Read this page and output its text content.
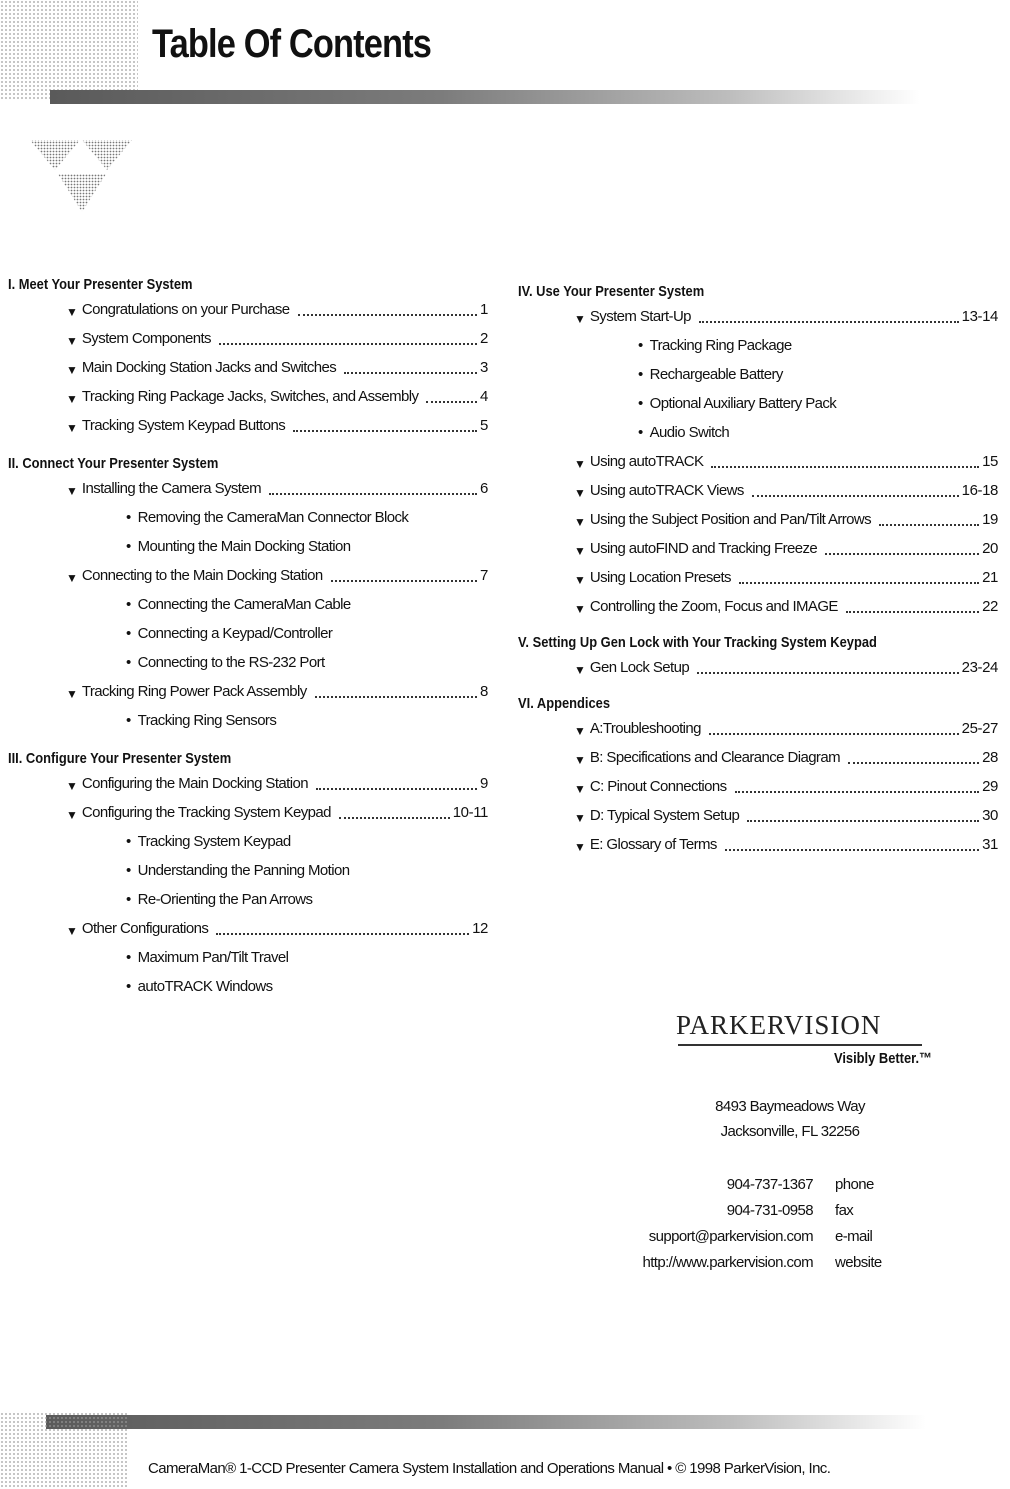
Table Of Contents
I. Meet Your Presenter System
▼ Congratulations on your Purchase	1
▼ System Components	2
▼ Main Docking Station Jacks and Switches	3
▼ Tracking Ring Package Jacks, Switches, and Assembly	4
▼ Tracking System Keypad Buttons	5
II. Connect Your Presenter System
▼ Installing the Camera System	6
• Removing the CameraMan Connector Block
• Mounting the Main Docking Station
▼ Connecting to the Main Docking Station	7
• Connecting the CameraMan Cable
• Connecting a Keypad/Controller
• Connecting to the RS-232 Port
▼ Tracking Ring Power Pack Assembly	8
• Tracking Ring Sensors
III. Configure Your Presenter System
▼ Configuring the Main Docking Station	9
▼ Configuring the Tracking System Keypad	10-11
• Tracking System Keypad
• Understanding the Panning Motion
• Re-Orienting the Pan Arrows
▼ Other Configurations	12
• Maximum Pan/Tilt Travel
• autoTRACK Windows
IV. Use Your Presenter System
▼ System Start-Up	13-14
• Tracking Ring Package
• Rechargeable Battery
• Optional Auxiliary Battery Pack
• Audio Switch
▼ Using autoTRACK	15
▼ Using autoTRACK Views	16-18
▼ Using the Subject Position and Pan/Tilt Arrows	19
▼ Using autoFIND and Tracking Freeze	20
▼ Using Location Presets	21
▼ Controlling the Zoom, Focus and IMAGE	22
V. Setting Up Gen Lock with Your Tracking System Keypad
▼ Gen Lock Setup	23-24
VI. Appendices
▼ A:Troubleshooting	25-27
▼ B: Specifications and Clearance Diagram	28
▼ C: Pinout Connections	29
▼ D: Typical System Setup	30
▼ E: Glossary of Terms	31
PARKERVISION
Visibly Better.™
8493 Baymeadows Way
Jacksonville, FL 32256
904-737-1367 phone
904-731-0958 fax
support@parkervision.com e-mail
http://www.parkervision.com website
CameraMan® 1-CCD Presenter Camera System Installation and Operations Manual • © 1998 ParkerVision, Inc.
